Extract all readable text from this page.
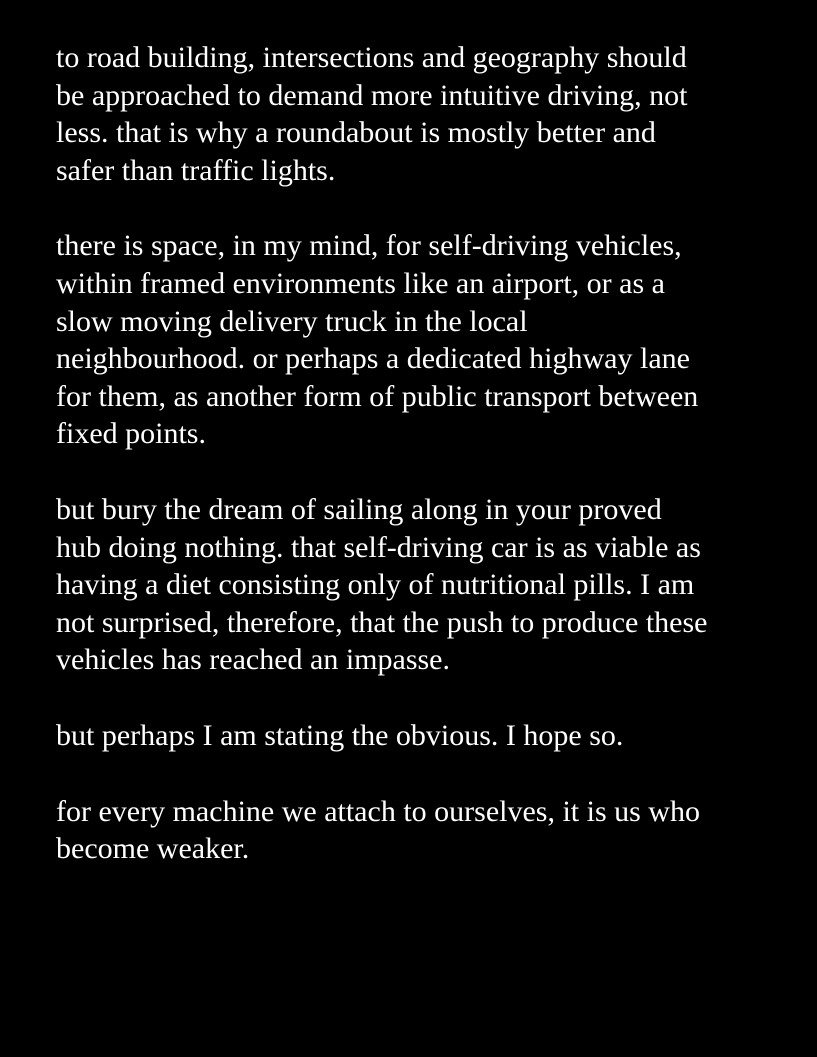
to road building, intersections and geography should
be approached to demand more intuitive driving, not
less. that is why a roundabout is mostly better and
safer than traffic lights.

there is space, in my mind, for self-driving vehicles,
within framed environments like an airport, or as a
slow moving delivery truck in the local
neighbourhood. or perhaps a dedicated highway lane
for them, as another form of public transport between
fixed points.

but bury the dream of sailing along in your proved
hub doing nothing. that self-driving car is as viable as
having a diet consisting only of nutritional pills. I am
not surprised, therefore, that the push to produce these
vehicles has reached an impasse.

but perhaps I am stating the obvious. I hope so.

for every machine we attach to ourselves, it is us who
become weaker.
